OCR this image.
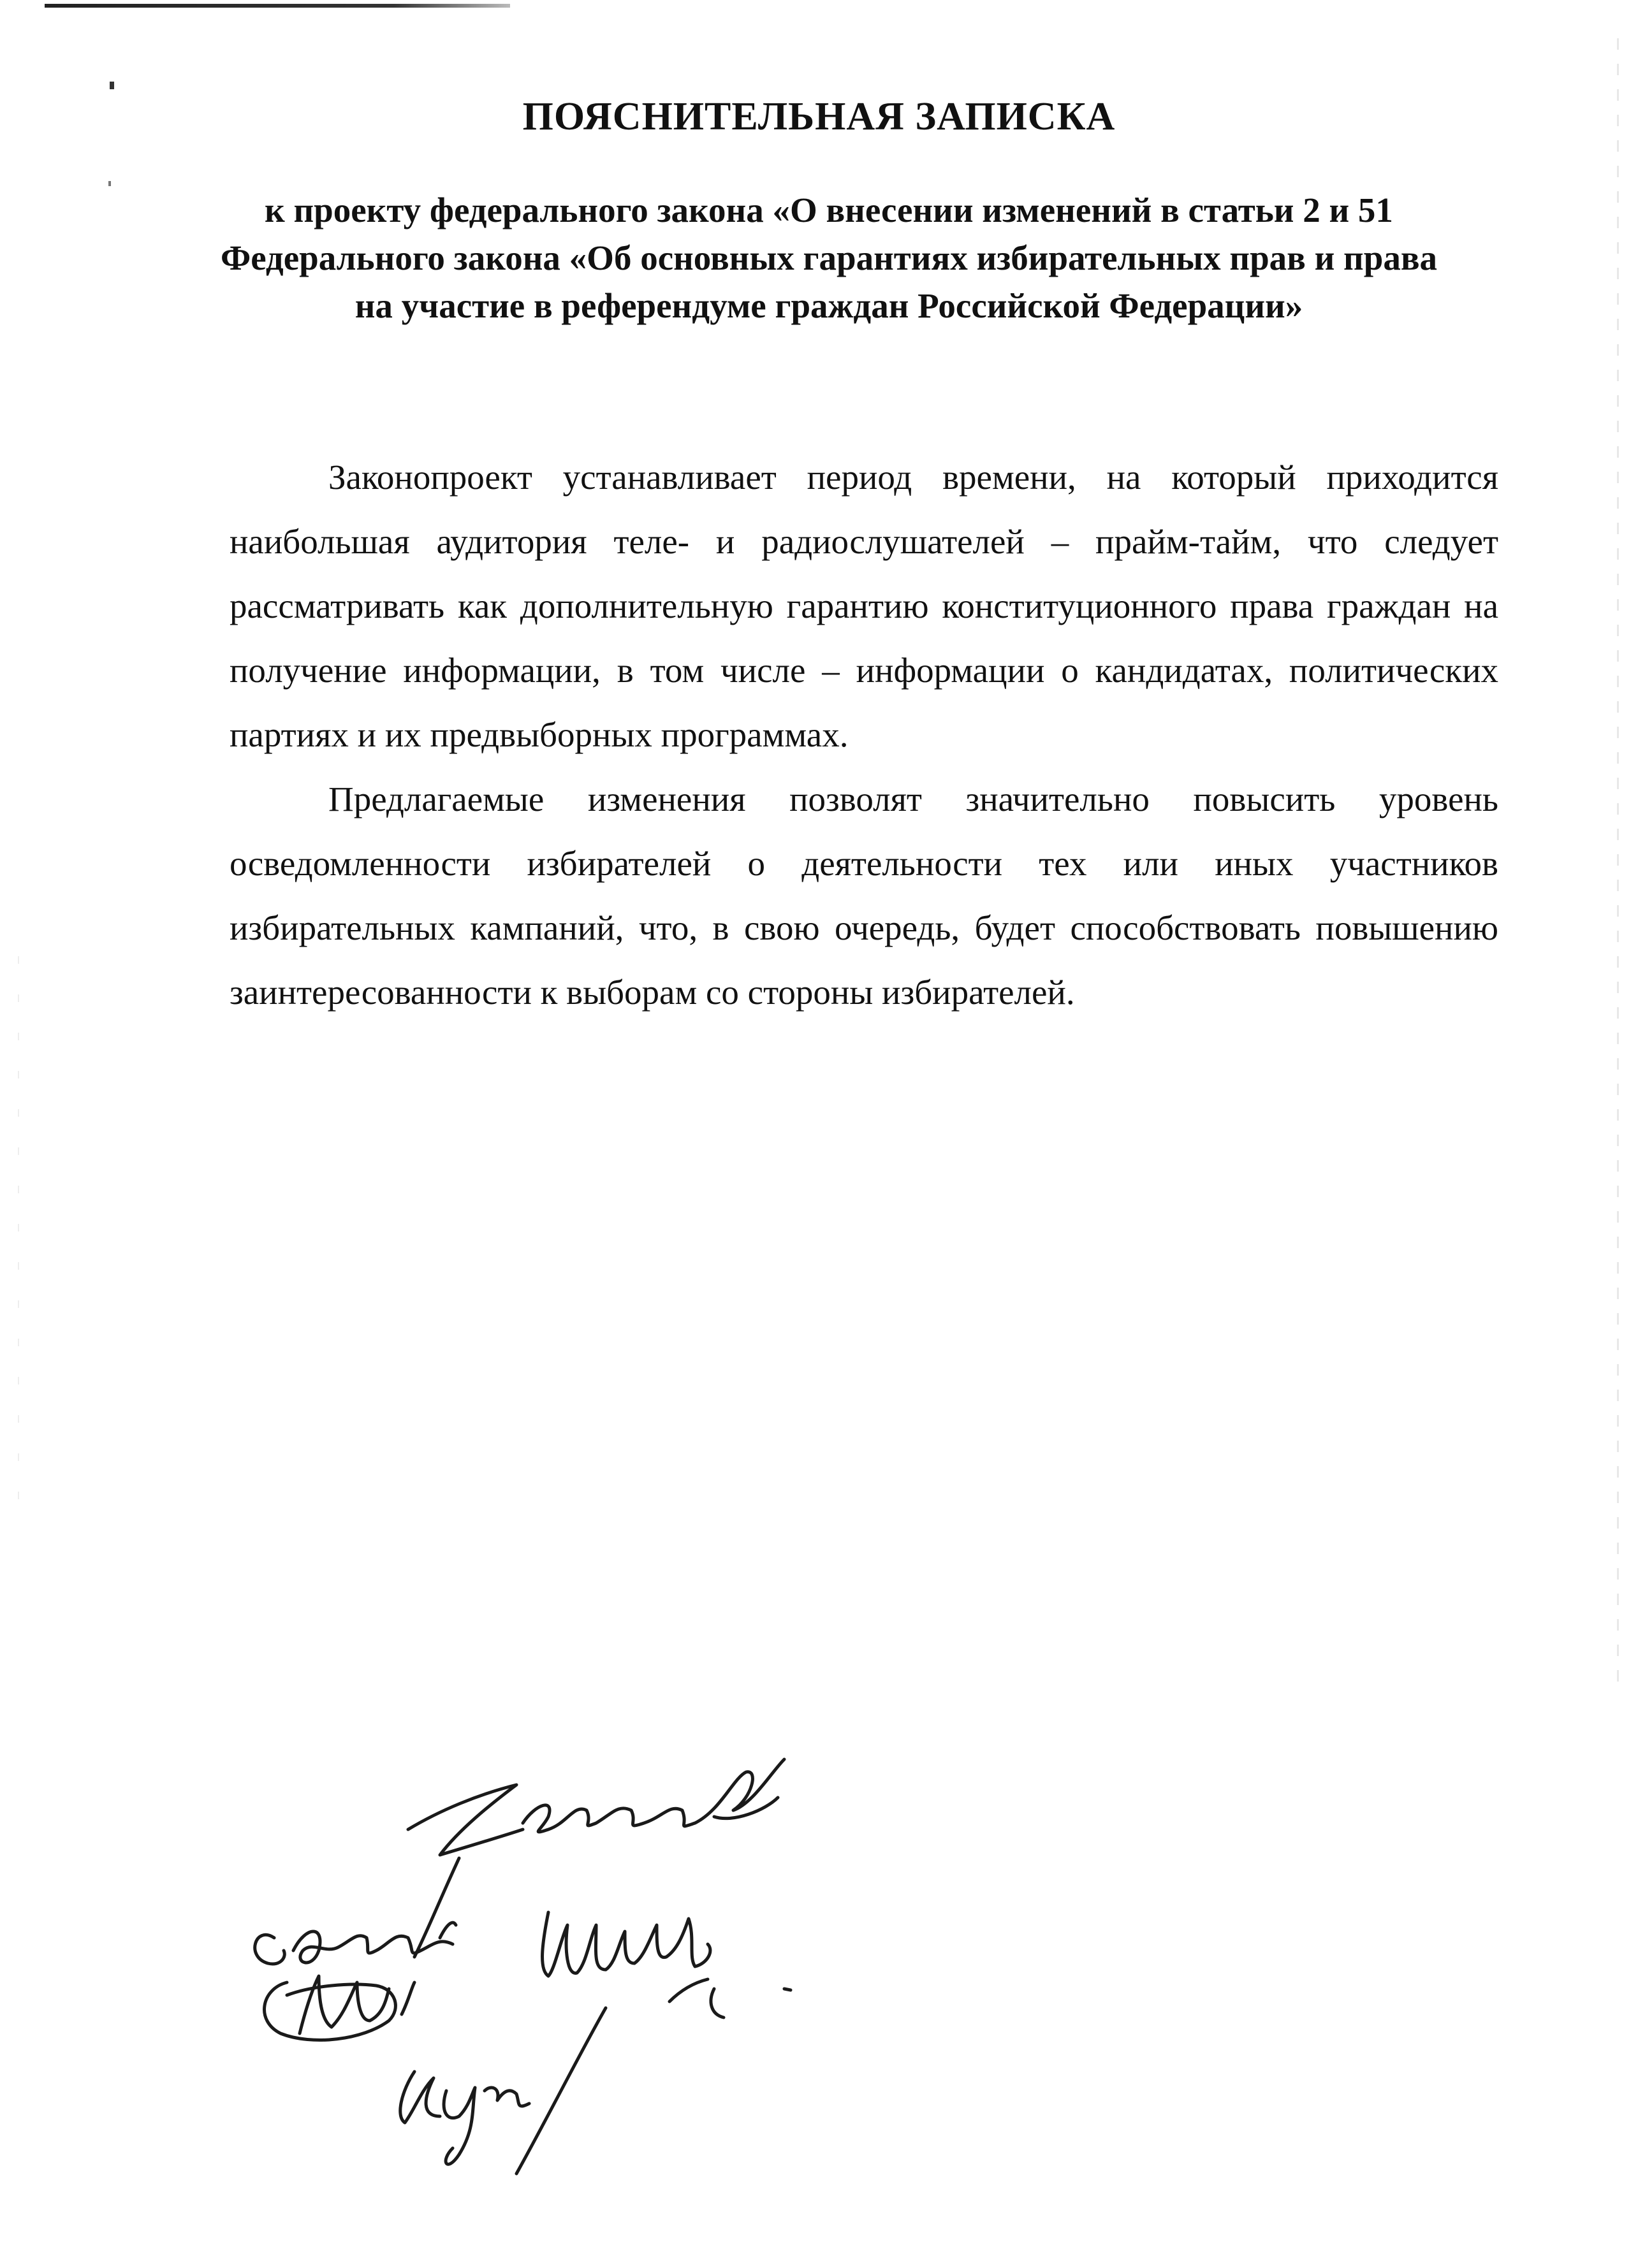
ПОЯСНИТЕЛЬНАЯ ЗАПИСКА
к проекту федерального закона «О внесении изменений в статьи 2 и 51
Федерального закона «Об основных гарантиях избирательных прав и права
на участие в референдуме граждан Российской Федерации»

Законопроект устанавливает период времени, на который приходится наибольшая аудитория теле- и радиослушателей – прайм-тайм, что следует рассматривать как дополнительную гарантию конституционного права граждан на получение информации, в том числе – информации о кандидатах, политических партиях и их предвыборных программах.

Предлагаемые изменения позволят значительно повысить уровень осведомленности избирателей о деятельности тех или иных участников избирательных кампаний, что, в свою очередь, будет способствовать повышению заинтересованности к выборам со стороны избирателей.
